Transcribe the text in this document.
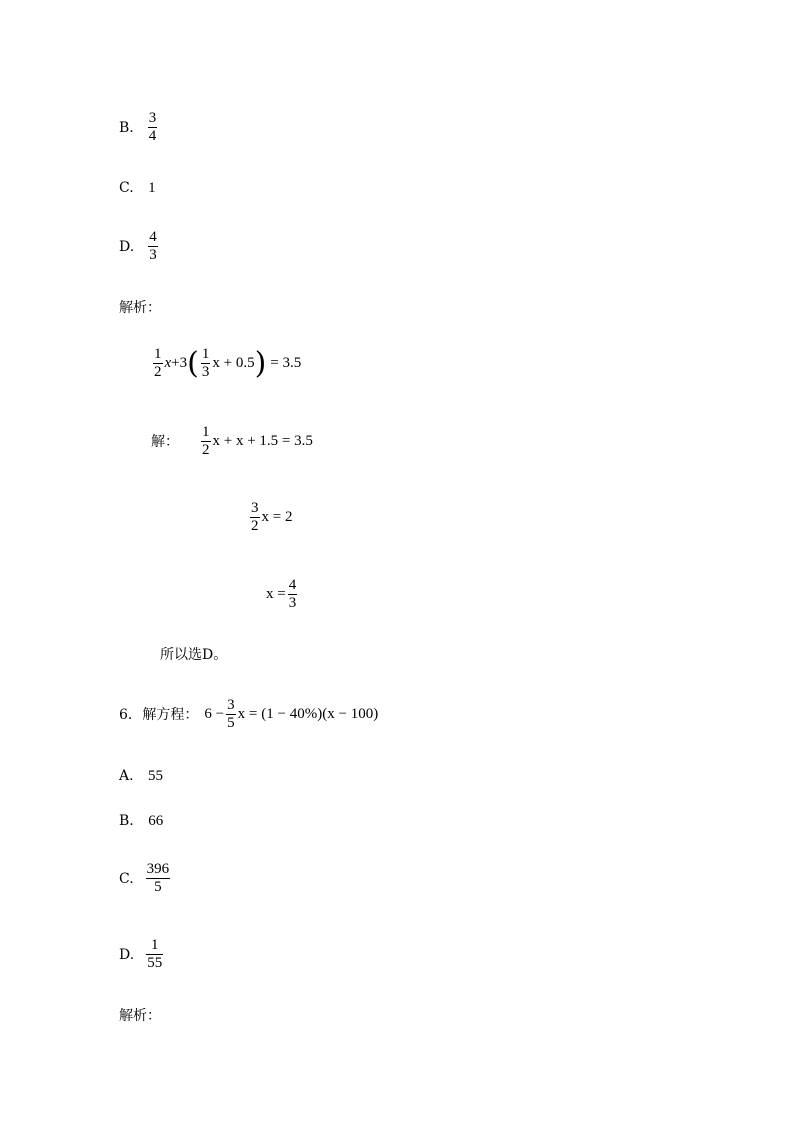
B. $\frac{3}{4}$
C. 1
D. $\frac{4}{3}$
解析：
$\frac{1}{2}$ x +3 ( $\frac{1}{3}$ x + 0.5 ) = 3.5
解： $\frac{1}{2}$ x + x + 1.5 = 3.5
$\frac{3}{2}$ x = 2
$x = \frac{4}{3}$
所以选D。
6. 解方程： $6 - \frac{3}{5}$ x = (1 − 40%)(x − 100)
A. 55
B. 66
C. $\frac{396}{5}$
D. $\frac{1}{55}$
解析：
